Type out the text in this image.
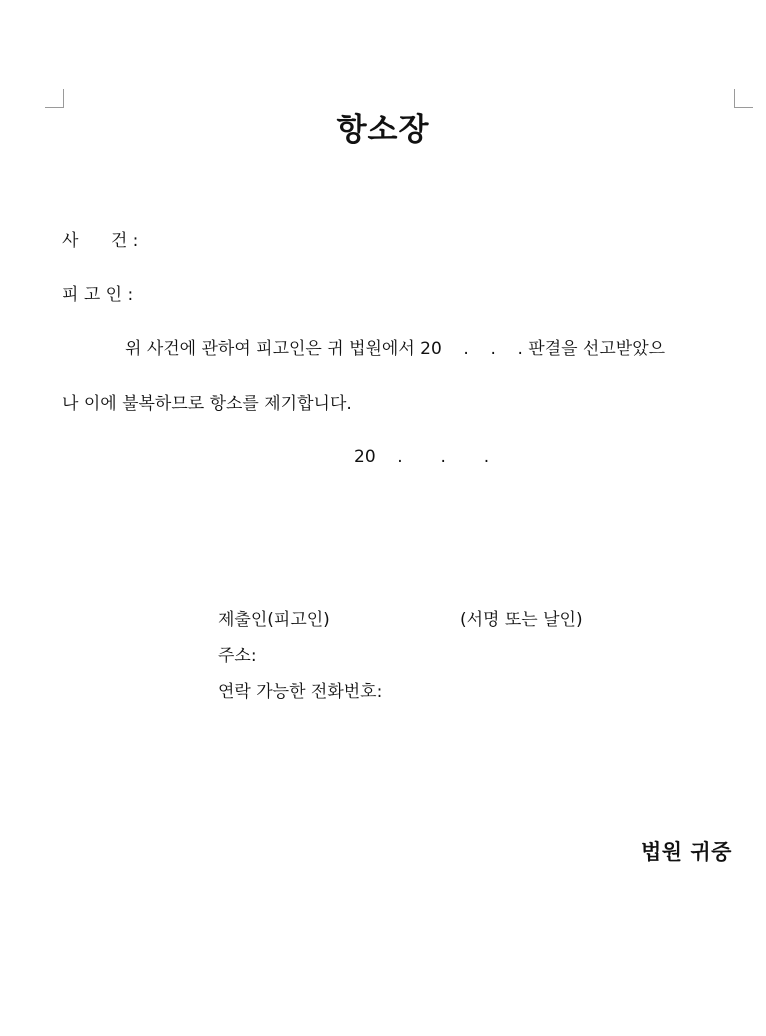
항소장
사      건 :
피 고 인 :
위 사건에 관하여 피고인은 귀 법원에서 20    .    .    . 판결을 선고받았으
나 이에 불복하므로 항소를 제기합니다.
20    .       .       .
제출인(피고인)	(서명 또는 날인)
주소:
연락 가능한 전화번호:
법원 귀중
